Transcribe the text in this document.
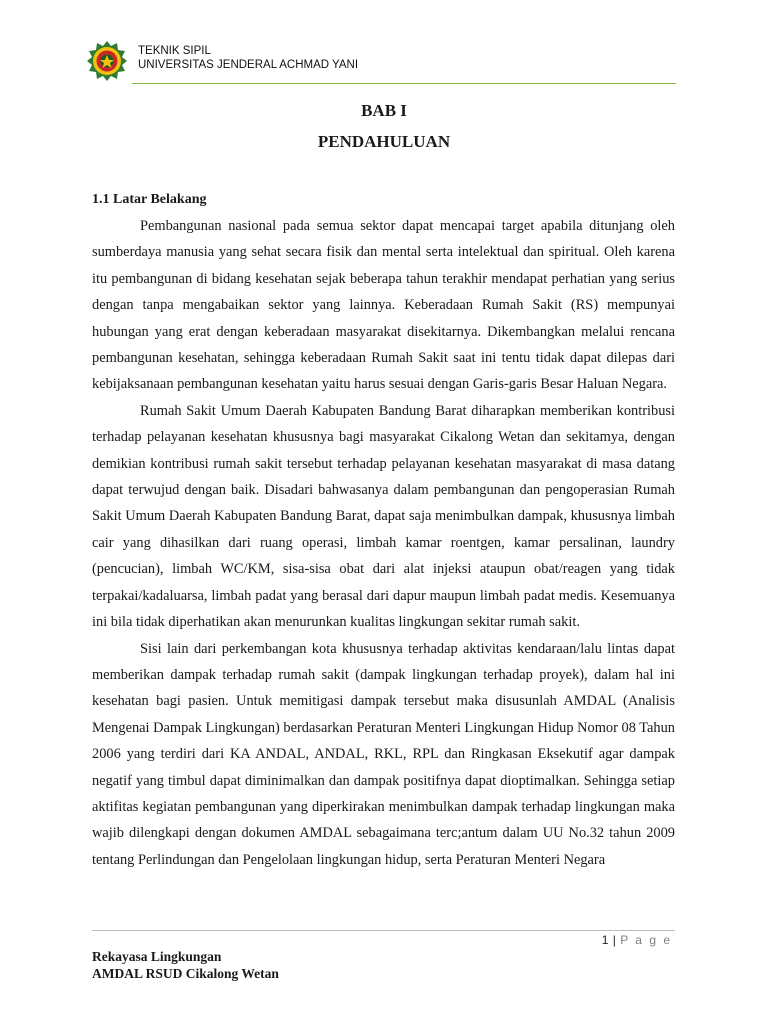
TEKNIK SIPIL
UNIVERSITAS JENDERAL ACHMAD YANI
BAB I
PENDAHULUAN
1.1 Latar Belakang

Pembangunan nasional pada semua sektor dapat mencapai target apabila ditunjang oleh sumberdaya manusia yang sehat secara fisik dan mental serta intelektual dan spiritual. Oleh karena itu pembangunan di bidang kesehatan sejak beberapa tahun terakhir mendapat perhatian yang serius dengan tanpa mengabaikan sektor yang lainnya. Keberadaan Rumah Sakit (RS) mempunyai hubungan yang erat dengan keberadaan masyarakat disekitarnya. Dikembangkan melalui rencana pembangunan kesehatan, sehingga keberadaan Rumah Sakit saat ini tentu tidak dapat dilepas dari kebijaksanaan pembangunan kesehatan yaitu harus sesuai dengan Garis-garis Besar Haluan Negara.

Rumah Sakit Umum Daerah Kabupaten Bandung Barat diharapkan memberikan kontribusi terhadap pelayanan kesehatan khususnya bagi masyarakat Cikalong Wetan dan sekitamya, dengan demikian kontribusi rumah sakit tersebut terhadap pelayanan kesehatan masyarakat di masa datang dapat terwujud dengan baik. Disadari bahwasanya dalam pembangunan dan pengoperasian Rumah Sakit Umum Daerah Kabupaten Bandung Barat, dapat saja menimbulkan dampak, khususnya limbah cair yang dihasilkan dari ruang operasi, limbah kamar roentgen, kamar persalinan, laundry (pencucian), limbah WC/KM, sisa-sisa obat dari alat injeksi ataupun obat/reagen yang tidak terpakai/kadaluarsa, limbah padat yang berasal dari dapur maupun limbah padat medis. Kesemuanya ini bila tidak diperhatikan akan menurunkan kualitas lingkungan sekitar rumah sakit.

Sisi lain dari perkembangan kota khususnya terhadap aktivitas kendaraan/lalu lintas dapat memberikan dampak terhadap rumah sakit (dampak lingkungan terhadap proyek), dalam hal ini kesehatan bagi pasien. Untuk memitigasi dampak tersebut maka disusunlah AMDAL (Analisis Mengenai Dampak Lingkungan) berdasarkan Peraturan Menteri Lingkungan Hidup Nomor 08 Tahun 2006 yang terdiri dari KA ANDAL, ANDAL, RKL, RPL dan Ringkasan Eksekutif agar dampak negatif yang timbul dapat diminimalkan dan dampak positifnya dapat dioptimalkan. Sehingga setiap aktifitas kegiatan pembangunan yang diperkirakan menimbulkan dampak terhadap lingkungan maka wajib dilengkapi dengan dokumen AMDAL sebagaimana terc;antum dalam UU No.32 tahun 2009 tentang Perlindungan dan Pengelolaan lingkungan hidup, serta Peraturan Menteri Negara

1 | P a g e
Rekayasa Lingkungan
AMDAL RSUD Cikalong Wetan
